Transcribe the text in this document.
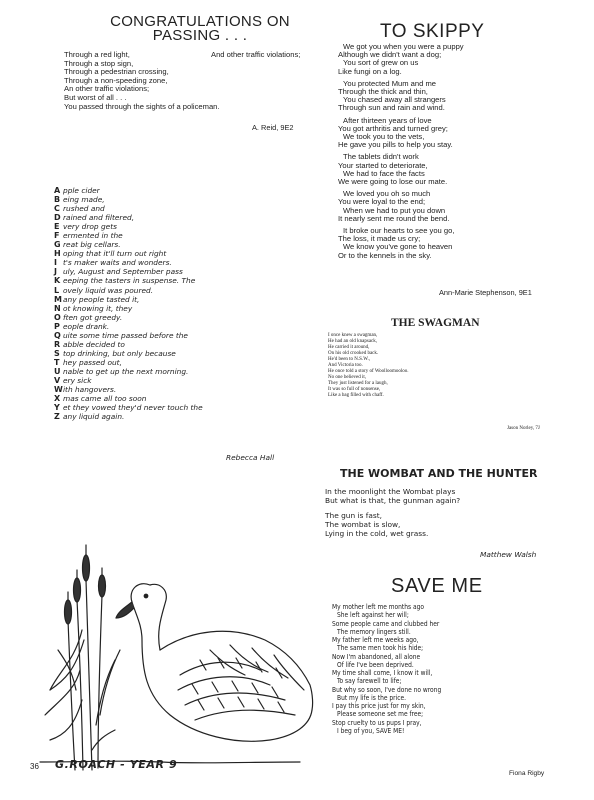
CONGRATULATIONS ON
PASSING . . .
And other traffic violations;
Through a red light,
Through a stop sign,
Through a pedestrian crossing,
Through a non-speeding zone,
An other traffic violations;
But worst of all . . .
You passed through the sights of a policeman.
A. Reid, 9E2
A pple cider
B eing made,
C rushed and
D rained and filtered,
E very drop gets
F ermented in the
G reat big cellars.
H oping that it'll turn out right
I t's maker waits and wonders.
J uly, August and September pass
K eeping the tasters in suspense. The
L ovely liquid was poured.
Many people tasted it,
N ot knowing it, they
O ften got greedy.
P eople drank.
Q uite some time passed before the
R abble decided to
S top drinking, but only because
T hey passed out,
U nable to get up the next morning.
V ery sick
With hangovers.
X mas came all too soon
Y et they vowed they'd never touch the
Z any liquid again.
Rebecca Hall
TO SKIPPY
We got you when you were a puppy
Although we didn't want a dog;
You sort of grew on us
Like fungi on a log.
You protected Mum and me
Through the thick and thin,
You chased away all strangers
Through sun and rain and wind.
After thirteen years of love
You got arthritis and turned grey;
We took you to the vets,
He gave you pills to help you stay.
The tablets didn't work
Your started to deteriorate,
We had to face the facts
We were going to lose our mate.
We loved you oh so much
You were loyal to the end;
When we had to put you down
It nearly sent me round the bend.
It broke our hearts to see you go,
The loss, it made us cry;
We know you've gone to heaven
Or to the kennels in the sky.
Ann-Marie Stephenson, 9E1
THE SWAGMAN
I once knew a swagman,
He had an old knapsack,
He carried it around,
On his old crooked back.
He'd been to N.S.W.,
And Victoria too.
He once told a story of Woolloomooloo.
No one believed it,
They just listened for a laugh,
It was so full of nonsense,
Like a bag filled with chaff.
Jason Norley, 7J
THE WOMBAT AND THE HUNTER
In the moonlight the Wombat plays
But what is that, the gunman again?
The gun is fast,
The wombat is slow,
Lying in the cold, wet grass.
Matthew Walsh
SAVE ME
My mother left me months ago
She left against her will;
Some people came and clubbed her
The memory lingers still.
My father left me weeks ago,
The same men took his hide;
Now I'm abandoned, all alone
Of life I've been deprived.
My time shall come, I know it will,
To say farewell to life;
But why so soon, I've done no wrong
But my life is the price.
I pay this price just for my skin,
Please someone set me free;
Stop cruelty to us pups I pray,
I beg of you, SAVE ME!
Fiona Rigby
G.ROACH - YEAR 9
36
